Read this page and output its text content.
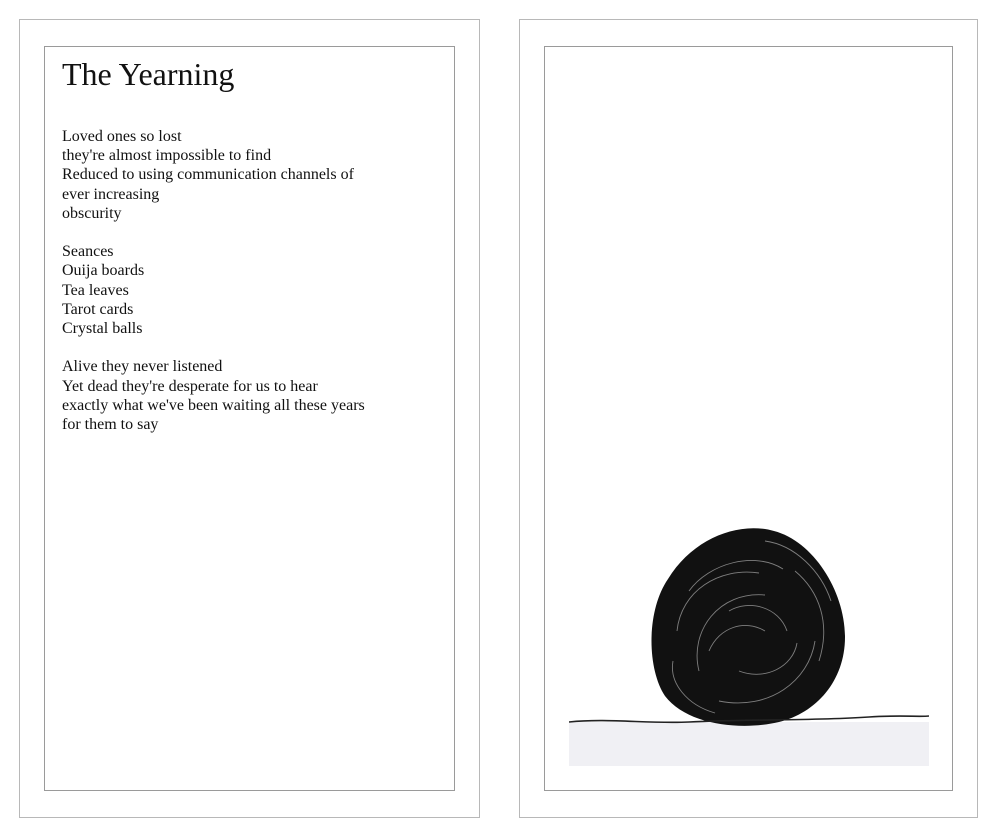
The Yearning

Loved ones so lost
they're almost impossible to find
Reduced to using communication channels of
ever increasing
obscurity

Seances
Ouija boards
Tea leaves
Tarot cards
Crystal balls

Alive they never listened
Yet dead they're desperate for us to hear
exactly what we've been waiting all these years
for them to say
